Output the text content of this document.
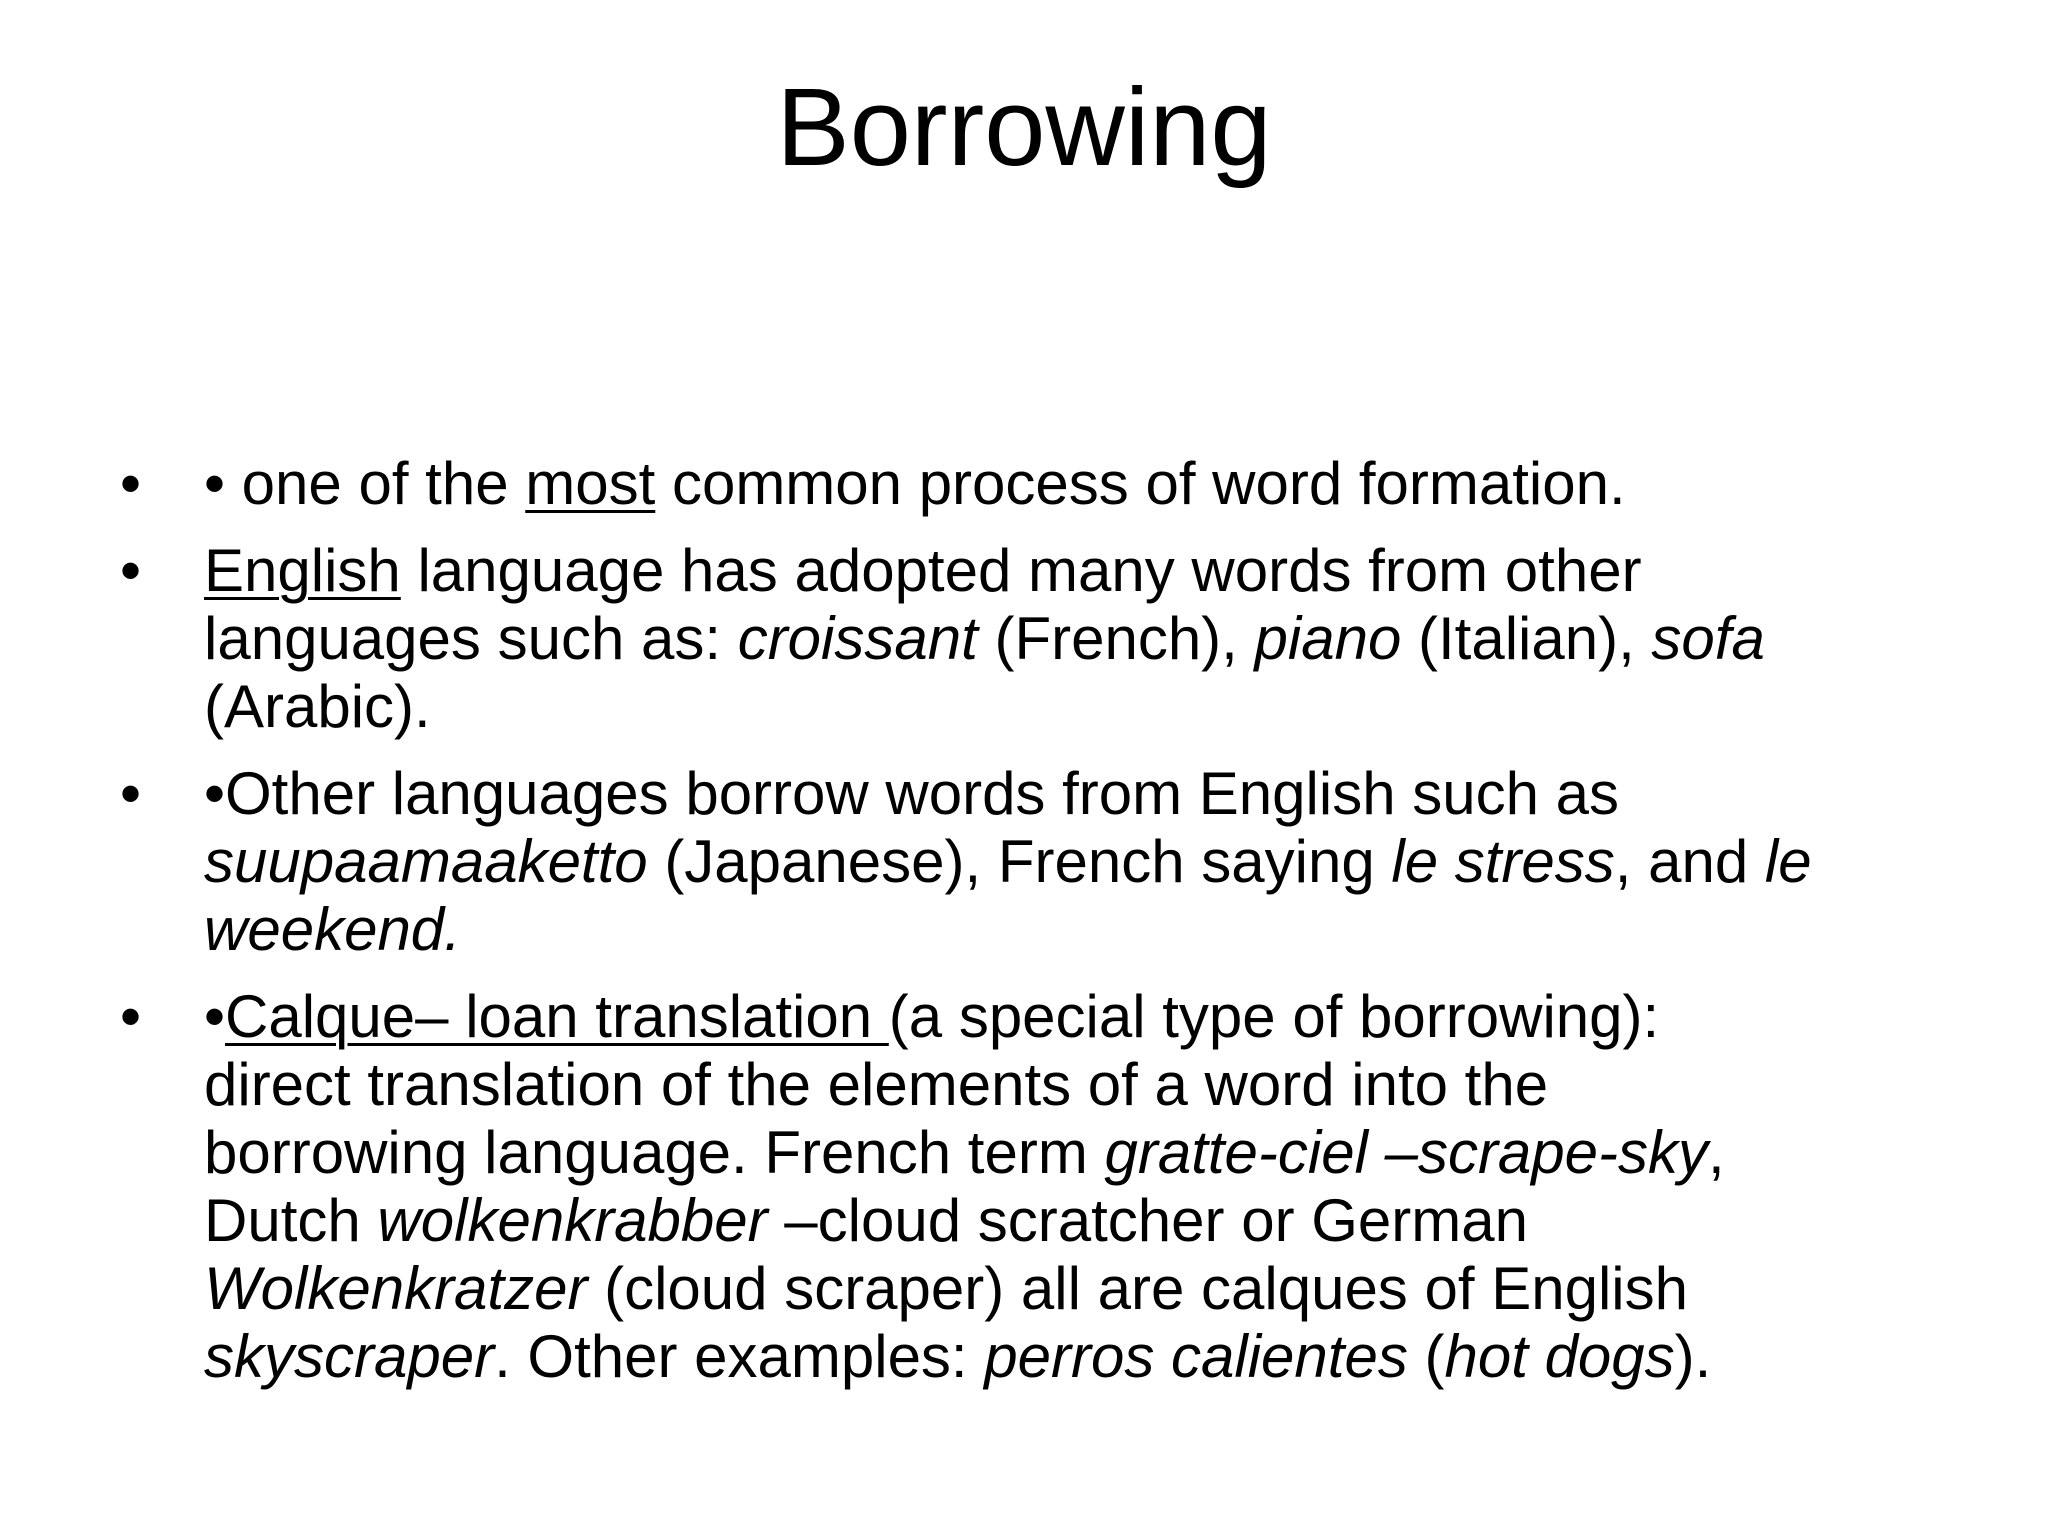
Borrowing
•	• one of the most common process of word formation.
•	English language has adopted many words from other
languages such as: croissant (French), piano (Italian), sofa
(Arabic).
•	•Other languages borrow words from English such as
suupaamaaketto (Japanese), French saying le stress, and le
weekend.
•	•Calque– loan translation (a special type of borrowing):
direct translation of the elements of a word into the
borrowing language. French term gratte-ciel –scrape-sky,
Dutch wolkenkrabber –cloud scratcher or German
Wolkenkratzer (cloud scraper) all are calques of English
skyscraper. Other examples: perros calientes (hot dogs).
